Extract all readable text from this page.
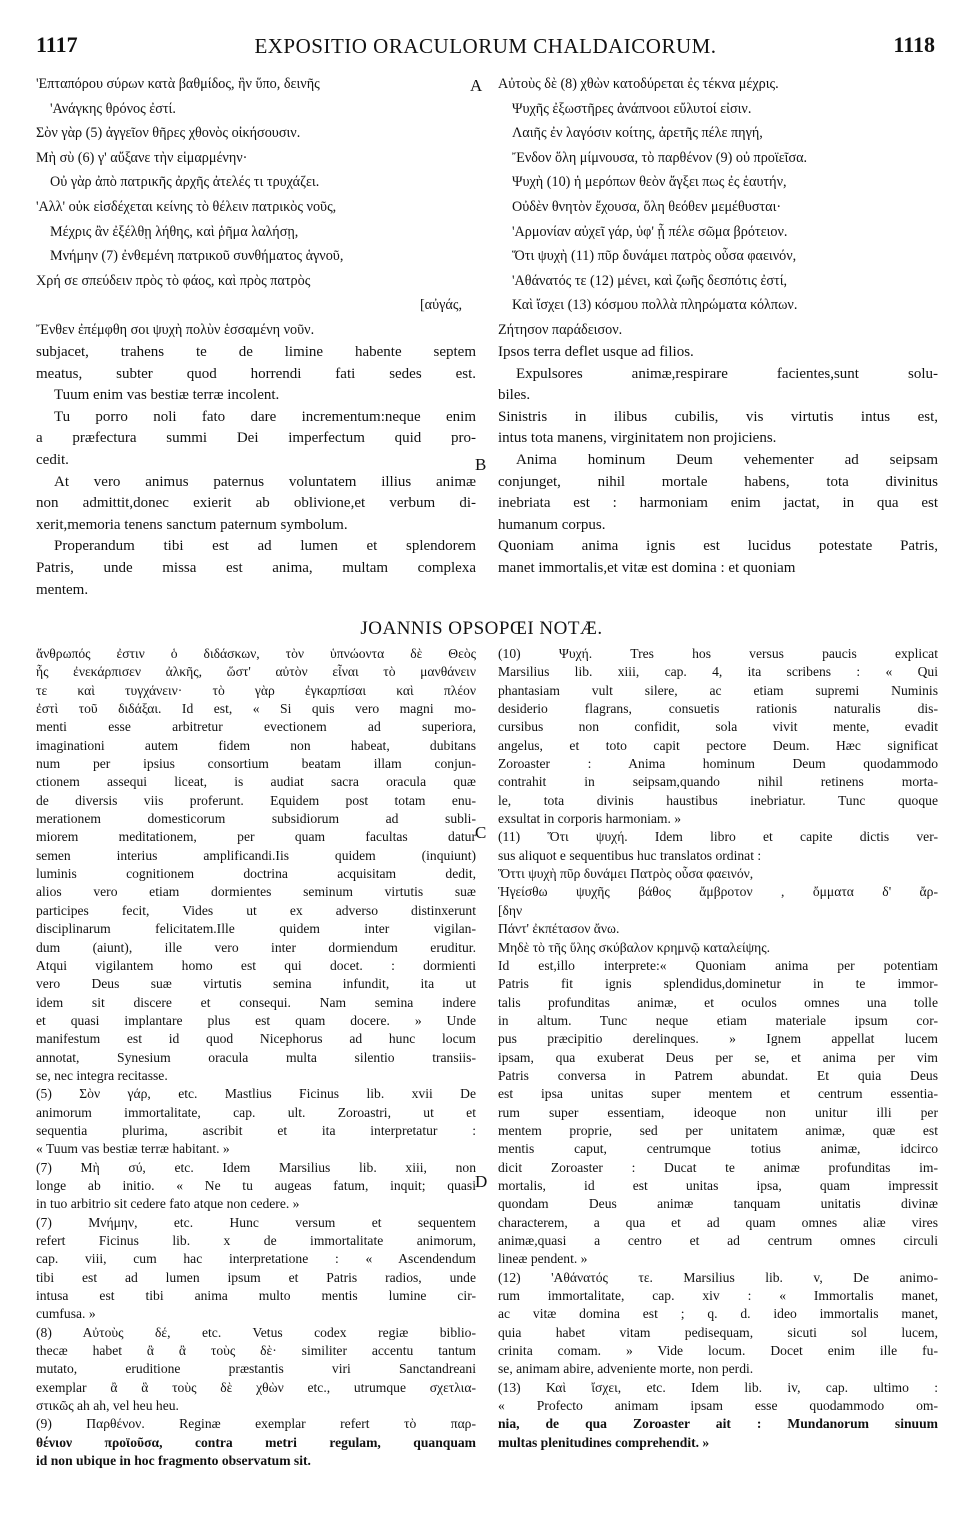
1117	EXPOSITIO ORACULORUM CHALDAICORUM.	1118
'Επταπόρου σύρων κατὰ βαθμίδος, ἣν ὕπο, δεινῆς
'Ανάγκης θρόνος ἐστί.
Σὸν γὰρ (5) ἀγγεῖον θῆρες χθονὸς οἰκήσουσιν.
Μὴ σὺ (6) γ' αὔξανε τὴν εἱμαρμένην·
Οὐ γὰρ ἀπὸ πατρικῆς ἀρχῆς ἀτελές τι τρυχάζει.
'Αλλ' οὐκ εἰσδέχεται κείνης τὸ θέλειν πατρικὸς νοῦς,
Μέχρις ἂν ἐξέλθῃ λήθης, καὶ ῥῆμα λαλήσῃ,
Μνήμην (7) ἐνθεμένη πατρικοῦ συνθήματος ἁγνοῦ,
Χρή σε σπεύδειν πρὸς τὸ φάος, καὶ πρὸς πατρὸς
[αὐγάς,
Ἔνθεν ἐπέμφθη σοι ψυχὴ πολὺν ἑσσαμένη νοῦν.
Αὐτοὺς δὲ (8) χθὼν κατοδύρεται ἐς τέκνα μέχρις.
Ψυχῆς ἐξωστῆρες ἀνάπνοοι εὔλυτοί εἰσιν.
Λαιῆς ἐν λαγόσιν κοίτης, ἀρετῆς πέλε πηγή,
Ἔνδον ὅλη μίμνουσα, τὸ παρθένον (9) οὐ προϊεῖσα.
Ψυχὴ (10) ἡ μερόπων θεὸν ἄγξει πως ἐς ἑαυτήν,
Οὐδὲν θνητὸν ἔχουσα, ὅλη θεόθεν μεμέθυσται·
'Αρμονίαν αὐχεῖ γάρ, ὑφ' ᾗ πέλε σῶμα βρότειον.
Ὅτι ψυχὴ (11) πῦρ δυνάμει πατρὸς οὖσα φαεινόν,
'Αθάνατός τε (12) μένει, καὶ ζωῆς δεσπότις ἐστί,
Καὶ ἴσχει (13) κόσμου πολλὰ πληρώματα κόλπων.
Ζήτησον παράδεισον.
subjacet, trahens te de limine habente septem
meatus, subter quod horrendi fati sedes est.
Tuum enim vas bestiæ terræ incolent.
Tu porro noli fato dare incrementum:neque enim
a præfectura summi Dei imperfectum quid pro-
cedit.
At vero animus paternus voluntatem illius animæ
non admittit,donec exierit ab oblivione,et verbum di-
xerit,memoria tenens sanctum paternum symbolum.
Properandum tibi est ad lumen et splendorem
Patris, unde missa est anima, multam complexa
mentem.
Ipsos terra deflet usque ad filios.
Expulsores animæ,respirare facientes,sunt solu-
biles.
Sinistris in ilibus cubilis, vis virtutis intus est,
intus tota manens, virginitatem non projiciens.
Anima hominum Deum vehementer ad seipsam
conjunget, nihil mortale habens, tota divinitus
inebriata est : harmoniam enim jactat, in qua est
humanum corpus.
Quoniam anima ignis est lucidus potestate Patris,
manet immortalis,et vitæ est domina : et quoniam
JOANNIS OPSOPŒI NOTÆ.
ἄνθρωπός ἐστιν ὁ διδάσκων, τὸν ὑπνώοντα δὲ Θεὸς
ἧς ἐνεκάρπισεν ἀλκῆς, ὥστ' αὐτὸν εἶναι τὸ μανθάνειν
τε καὶ τυγχάνειν· τὸ γὰρ ἐγκαρπίσαι καὶ πλέον
ἐστὶ τοῦ διδάξαι. Id est, « Si quis vero magni mo-
menti esse arbitretur evectionem ad superiora,
imaginationi autem fidem non habeat, dubitans
num per ipsius consortium beatam illam conjun-
ctionem assequi liceat, is audiat sacra oracula quæ
de diversis viis proferunt. Equidem post totam enu-
merationem domesticorum subsidiorum ad subli-
miorem meditationem, per quam facultas datur
semen interius amplificandi.Iis quidem (inquiunt)
luminis cognitionem doctrina acquisitam dedit,
alios vero etiam dormientes seminum virtutis suæ
participes fecit, Vides ut ex adverso distinxerunt
disciplinarum felicitatem.Ille quidem inter vigilan-
dum (aiunt), ille vero inter dormiendum eruditur.
Atqui vigilantem homo est qui docet. : dormienti
vero Deus suæ virtutis semina infundit, ita ut
idem sit discere et consequi. Nam semina indere
et quasi implantare plus est quam docere. » Unde
manifestum est id quod Nicephorus ad hunc locum
annotat, Synesium oracula multa silentio transiis-
se, nec integra recitasse.
(5) Σὸν γάρ, etc. Mastlius Ficinus lib. xvii De
animorum immortalitate, cap. ult. Zoroastri, ut et
sequentia plurima, ascribit et ita interpretatur :
« Tuum vas bestiæ terræ habitant. »
(7) Μὴ σύ, etc. Idem Marsilius lib. xiii, non
longe ab initio. « Ne tu augeas fatum, inquit; quasi
in tuo arbitrio sit cedere fato atque non cedere. »
(7) Μνήμην, etc. Hunc versum et sequentem
refert Ficinus lib. x de immortalitate animorum,
cap. viii, cum hac interpretatione : « Ascendendum
tibi est ad lumen ipsum et Patris radios, unde
intusa est tibi anima multo mentis lumine cir-
cumfusa. »
(8) Αὐτοὺς δέ, etc. Vetus codex regiæ biblio-
thecæ habet ἂ ἂ τοὺς δὲ· similiter accentu tantum
mutato, eruditione præstantis viri Sanctandreani
exemplar ἂ ἃ τοὺς δὲ χθὼν etc., utrumque σχετλια-
στικῶς ah ah, vel heu heu.
(9) Παρθένον. Reginæ exemplar refert τὸ παρ-
θένιον προϊοῦσα, contra metri regulam, quanquam
id non ubique in hoc fragmento observatum sit.
(10) Ψυχή. Tres hos versus paucis explicat
Marsilius lib. xiii, cap. 4, ita scribens : « Qui
phantasiam vult silere, ac etiam supremi Numinis
desiderio flagrans, consuetis rationis naturalis dis-
cursibus non confidit, sola vivit mente, evadit
angelus, et toto capit pectore Deum. Hæc significat
Zoroaster : Anima hominum Deum quodammodo
contrahit in seipsam,quando nihil retinens morta-
le, tota divinis haustibus inebriatur. Tunc quoque
exsultat in corporis harmoniam. »
(11) Ὅτι ψυχή. Idem libro et capite dictis ver-
sus aliquot e sequentibus huc translatos ordinat :
Ὅττι ψυχὴ πῦρ δυνάμει Πατρὸς οὖσα φαεινόν,
Ἡγείσθω ψυχῆς βάθος ἄμβροτον , ὄμματα δ' ἄρ-
[δην
Πάντ' ἐκπέτασον ἄνω.
Μηδὲ τὸ τῆς ὕλης σκύβαλον κρημνῷ καταλείψης.
Id est,illo interprete:« Quoniam anima per potentiam
Patris fit ignis splendidus,dominetur in te immor-
talis profunditas animæ, et oculos omnes una tolle
in altum. Tunc neque etiam materiale ipsum cor-
pus præcipitio derelinques. » Ignem appellat lucem
ipsam, qua exuberat Deus per se, et anima per vim
Patris conversa in Patrem abundat. Et quia Deus
est ipsa unitas super mentem et centrum essentia-
rum super essentiam, ideoque non unitur illi per
mentem proprie, sed per unitatem animæ, quæ est
mentis caput, centrumque totius animæ, idcirco
dicit Zoroaster : Ducat te animæ profunditas im-
mortalis, id est unitas ipsa, quam impressit
quondam Deus animæ tanquam unitatis divinæ
characterem, a qua et ad quam omnes aliæ vires
animæ,quasi a centro et ad centrum omnes circuli
lineæ pendent. »
(12) 'Αθάνατός τε. Marsilius lib. v, De animo-
rum immortalitate, cap. xiv : « Immortalis manet,
ac vitæ domina est ; q. d. ideo immortalis manet,
quia habet vitam pedisequam, sicuti sol lucem,
crinita comam. » Vide locum. Docet enim ille fu-
se, animam abire, adveniente morte, non perdi.
(13) Καὶ ἴσχει, etc. Idem lib. iv, cap. ultimo :
« Profecto animam ipsam esse quodammodo om-
nia, de qua Zoroaster ait : Mundanorum sinuum
multas plenitudines comprehendit. »
A
B
C
D
